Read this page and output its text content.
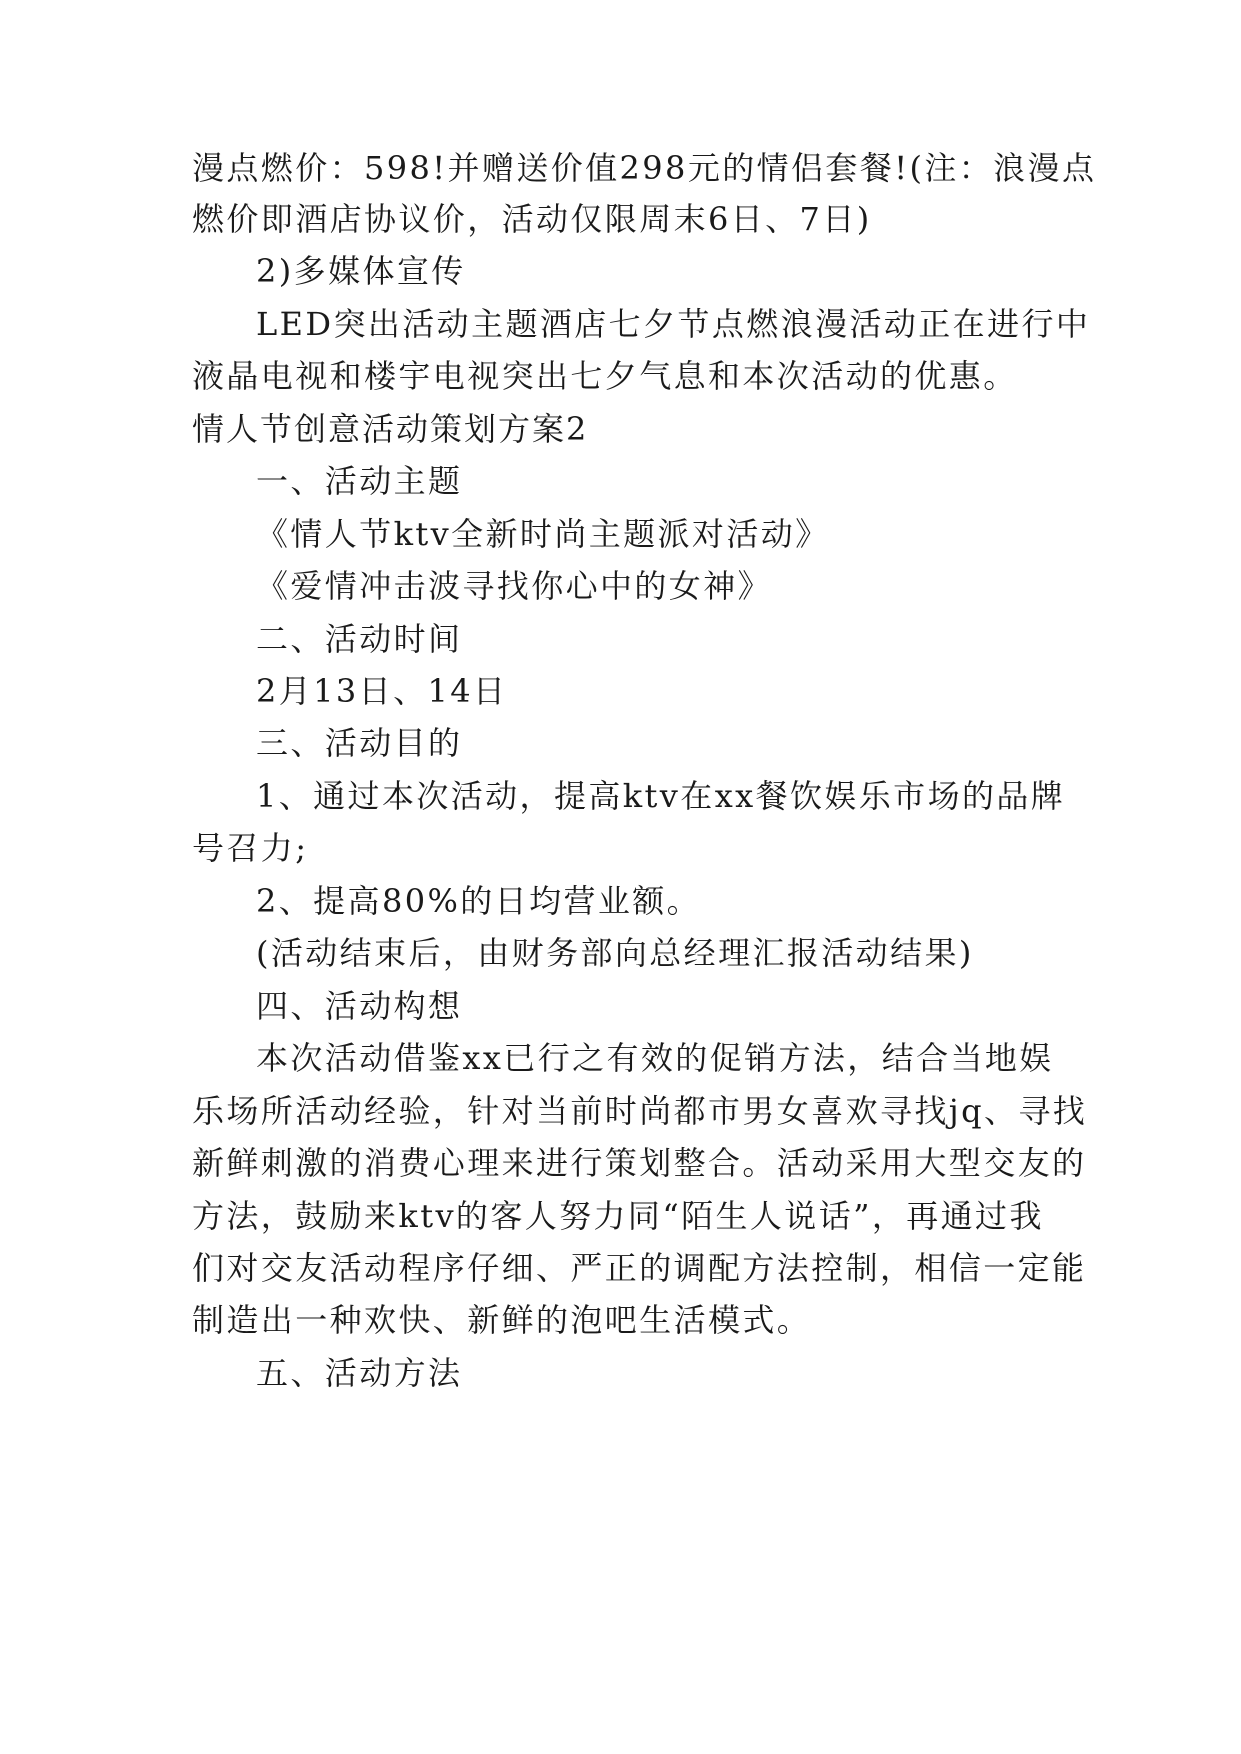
漫点燃价：598!并赠送价值298元的情侣套餐!(注：浪漫点
燃价即酒店协议价，活动仅限周末6日、7日)
2)多媒体宣传
LED突出活动主题酒店七夕节点燃浪漫活动正在进行中
液晶电视和楼宇电视突出七夕气息和本次活动的优惠。
情人节创意活动策划方案2
一、活动主题
《情人节ktv全新时尚主题派对活动》
《爱情冲击波寻找你心中的女神》
二、活动时间
2月13日、14日
三、活动目的
1、通过本次活动，提高ktv在xx餐饮娱乐市场的品牌
号召力;
2、提高80%的日均营业额。
(活动结束后，由财务部向总经理汇报活动结果)
四、活动构想
本次活动借鉴xx已行之有效的促销方法，结合当地娱
乐场所活动经验，针对当前时尚都市男女喜欢寻找jq、寻找
新鲜刺激的消费心理来进行策划整合。活动采用大型交友的
方法，鼓励来ktv的客人努力同“陌生人说话”，再通过我
们对交友活动程序仔细、严正的调配方法控制，相信一定能
制造出一种欢快、新鲜的泡吧生活模式。
五、活动方法
